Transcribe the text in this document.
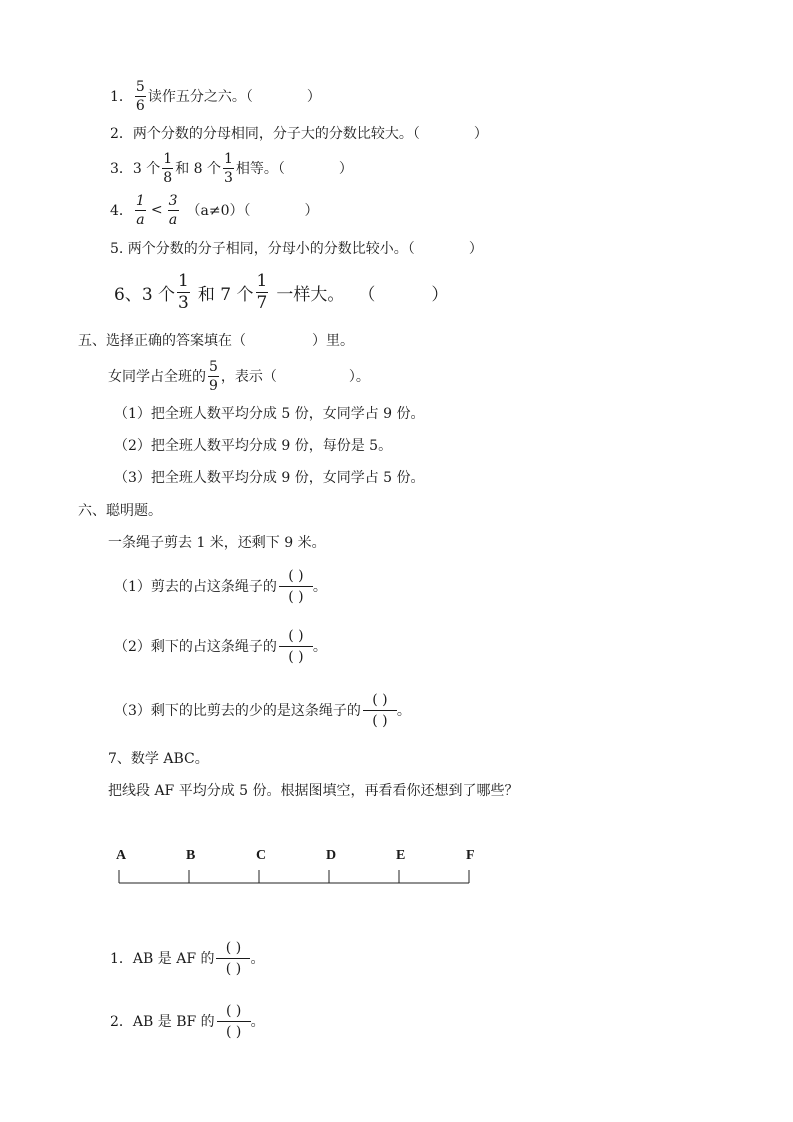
1． $\frac{5}{6}$ 读作五分之六。（	）
2．两个分数的分母相同，分子大的分数比较大。（	）
3．3 个 $\frac{1}{8}$ 和 8 个 $\frac{1}{3}$ 相等。（	）
4． $\frac{1}{a} < \frac{3}{a} (a\ne 0)$（	）
5. 两个分数的分子相同，分母小的分数比较小。（	）
6、3 个 $\frac{1}{3}$ 和 7 个 $\frac{1}{7}$ 一样大。 （	）
五、选择正确的答案填在（	）里。
女同学占全班的 $\frac{5}{9}$ ，表示（	）。
（1）把全班人数平均分成 5 份，女同学占 9 份。
（2）把全班人数平均分成 9 份，每份是 5。
（3）把全班人数平均分成 9 份，女同学占 5 份。
六、聪明题。
一条绳子剪去 1 米，还剩下 9 米。
（1）剪去的占这条绳子的 $\frac{( )}{( )}$ 。
（2）剩下的占这条绳子的 $\frac{( )}{( )}$ 。
（3）剩下的比剪去的少的是这条绳子的 $\frac{( )}{( )}$ 。
7、数学 ABC。
把线段 AF 平均分成 5 份。根据图填空，再看看你还想到了哪些？
A	B	C	D	E	F
1．AB 是 AF 的 $\frac{( )}{( )}$ 。
2．AB 是 BF 的 $\frac{( )}{( )}$ 。
